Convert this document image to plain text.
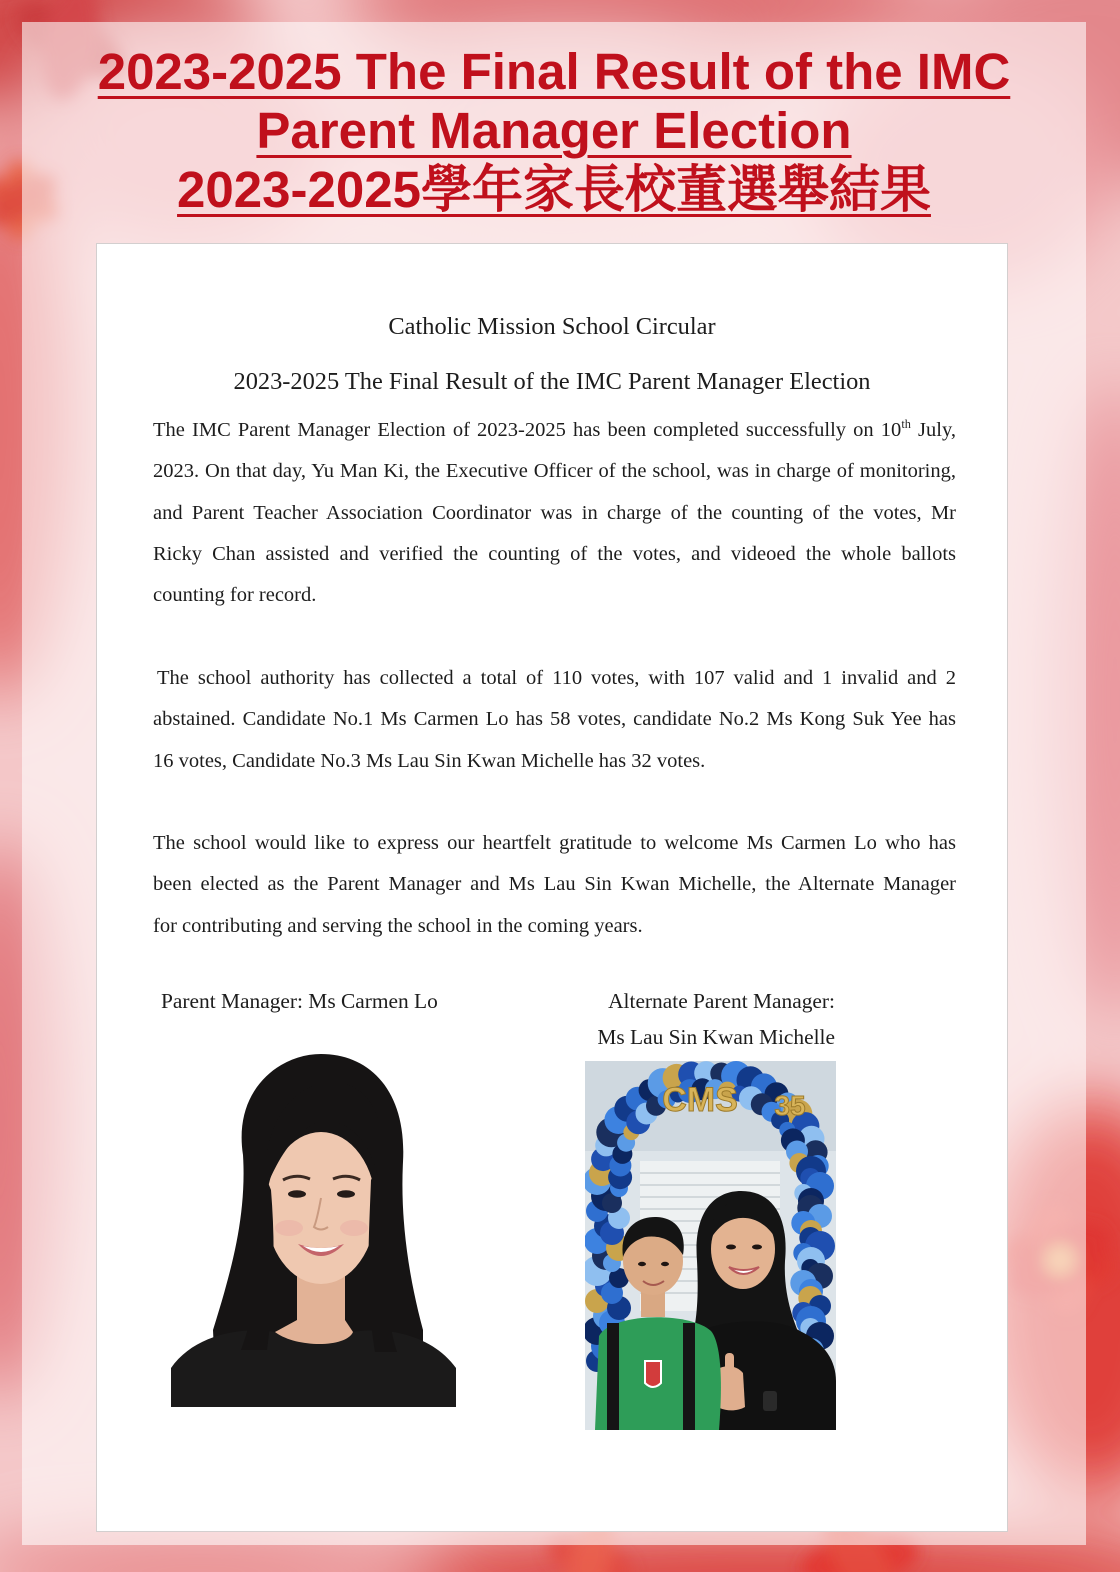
2023-2025 The Final Result of the IMC
Parent Manager Election
2023-2025學年家長校董選舉結果
Catholic Mission School Circular
2023-2025 The Final Result of the IMC Parent Manager Election
The IMC Parent Manager Election of 2023-2025 has been completed successfully on 10th July,
2023. On that day, Yu Man Ki, the Executive Officer of the school, was in charge of monitoring,
and Parent Teacher Association Coordinator was in charge of the counting of the votes, Mr
Ricky Chan assisted and verified the counting of the votes, and videoed the whole ballots
counting for record.
The school authority has collected a total of 110 votes, with 107 valid and 1 invalid and 2
abstained. Candidate No.1 Ms Carmen Lo has 58 votes, candidate No.2 Ms Kong Suk Yee has
16 votes, Candidate No.3 Ms Lau Sin Kwan Michelle has 32 votes.
The school would like to express our heartfelt gratitude to welcome Ms Carmen Lo who has
been elected as the Parent Manager and Ms Lau Sin Kwan Michelle, the Alternate Manager
for contributing and serving the school in the coming years.
Parent Manager: Ms Carmen Lo	Alternate Parent Manager:
Ms Lau Sin Kwan Michelle
CMS 35
